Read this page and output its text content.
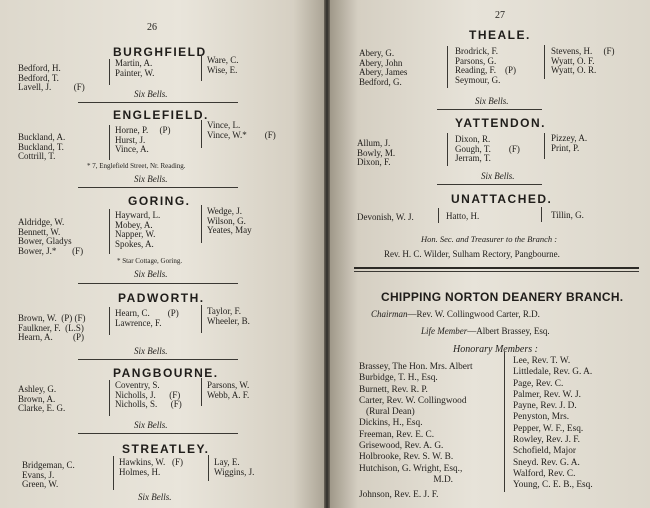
26
BURGHFIELD
Bedford, H.
Bedford, T.
Lavell, J.          (F)
Martin, A.
Painter, W.
Ware, C.
Wise, E.
Six Bells.
ENGLEFIELD.
Buckland, A.
Buckland, T.
Cottrill, T.
Horne, P.     (P)
Hurst, J.
Vince, A.
Vince, L.
Vince, W.*        (F)
* 7, Englefield Street, Nr. Reading.
Six Bells.
GORING.
Aldridge, W.
Bennett, W.
Bower, Gladys
Bower, J.*       (F)
Hayward, L.
Mobey, A.
Napper, W.
Spokes, A.
Wedge, J.
Wilson, G.
Yeates, May
* Star Cottage, Goring.
Six Bells.
PADWORTH.
Brown, W.  (P) (F)
Faulkner, F.  (L.S)
Hearn, A.         (P)
Hearn, C.        (P)
Lawrence, F.
Taylor, F.
Wheeler, B.
Six Bells.
PANGBOURNE.
Ashley, G.
Brown, A.
Clarke, E. G.
Coventry, S.
Nicholls, J.      (F)
Nicholls, S.      (F)
Parsons, W.
Webb, A. F.
Six Bells.
STREATLEY.
Bridgeman, C.
Evans, J.
Green, W.
Hawkins, W.   (F)
Holmes, H.
Lay, E.
Wiggins, J.
Six Bells.
27
THEALE.
Abery, G.
Abery, John
Abery, James
Bedford, G.
Brodrick, F.
Parsons, G.
Reading, F.    (P)
Seymour, G.
Stevens, H.     (F)
Wyatt, O. F.
Wyatt, O. R.
Six Bells.
YATTENDON.
Allum, J.
Bowly, M.
Dixon, F.
Dixon, R.
Gough, T.        (F)
Jerram, T.
Pizzey, A.
Print, P.
Six Bells.
UNATTACHED.
Devonish, W. J.	Hatto, H.	Tillin, G.
Hon. Sec. and Treasurer to the Branch :
Rev. H. C. Wilder, Sulham Rectory, Pangbourne.
CHIPPING NORTON DEANERY BRANCH.
Chairman—Rev. W. Collingwood Carter, R.D.
Life Member—Albert Brassey, Esq.
Honorary Members :
Brassey, The Hon. Mrs. Albert
Burbidge, T. H., Esq.
Burnett, Rev. R. P.
Carter, Rev. W. Collingwood
(Rural Dean)
Dickins, H., Esq.
Freeman, Rev. E. C.
Grisewood, Rev. A. G.
Holbrooke, Rev. S. W. B.
Hutchison, G. Wright, Esq.,
M.D.
Johnson, Rev. E. J. F.
Lee, Rev. T. W.
Littledale, Rev. G. A.
Page, Rev. C.
Palmer, Rev. W. J.
Payne, Rev. J. D.
Penyston, Mrs.
Pepper, W. F., Esq.
Rowley, Rev. J. F.
Schofield, Major
Sneyd. Rev. G. A.
Walford, Rev. C.
Young, C. E. B., Esq.
